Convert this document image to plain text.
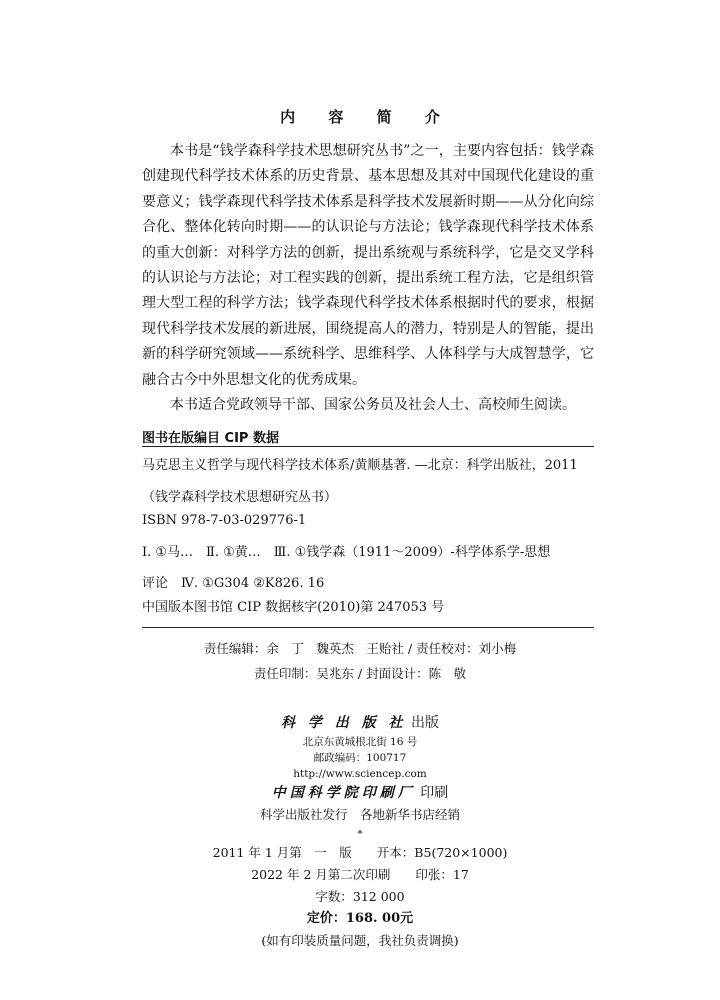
内 容 简 介

本书是“钱学森科学技术思想研究丛书”之一，主要内容包括：钱学森创建现代科学技术体系的历史背景、基本思想及其对中国现代化建设的重要意义；钱学森现代科学技术体系是科学技术发展新时期——从分化向综合化、整体化转向时期——的认识论与方法论；钱学森现代科学技术体系的重大创新：对科学方法的创新，提出系统观与系统科学，它是交叉学科的认识论与方法论；对工程实践的创新，提出系统工程方法，它是组织管理大型工程的科学方法；钱学森现代科学技术体系根据时代的要求，根据现代科学技术发展的新进展，围绕提高人的潜力，特别是人的智能，提出新的科学研究领域——系统科学、思维科学、人体科学与大成智慧学，它融合古今中外思想文化的优秀成果。

本书适合党政领导干部、国家公务员及社会人士、高校师生阅读。

图书在版编目 CIP 数据
马克思主义哲学与现代科学技术体系/黄顺基著. —北京：科学出版社，2011
（钱学森科学技术思想研究丛书）
ISBN 978-7-03-029776-1
Ⅰ. ①马…　Ⅱ. ①黄…　Ⅲ. ①钱学森（1911～2009）-科学体系学-思想
评论　Ⅳ. ①G304 ②K826. 16
中国版本图书馆 CIP 数据核字(2010)第 247053 号
责任编辑：余　丁　魏英杰　王贻社 / 责任校对：刘小梅
责任印制：吴兆东 / 封面设计：陈　敬
科 学 出 版 社 出版
北京东黄城根北街 16 号
邮政编码：100717
http://www.sciencep.com
中国科学院印刷厂 印刷
科学出版社发行　各地新华书店经销
*
2011 年 1 月第　一　版　　开本：B5(720×1000)
2022 年 2 月第二次印刷　　印张：17
字数：312 000
定价：168. 00元
(如有印装质量问题，我社负责调换)
